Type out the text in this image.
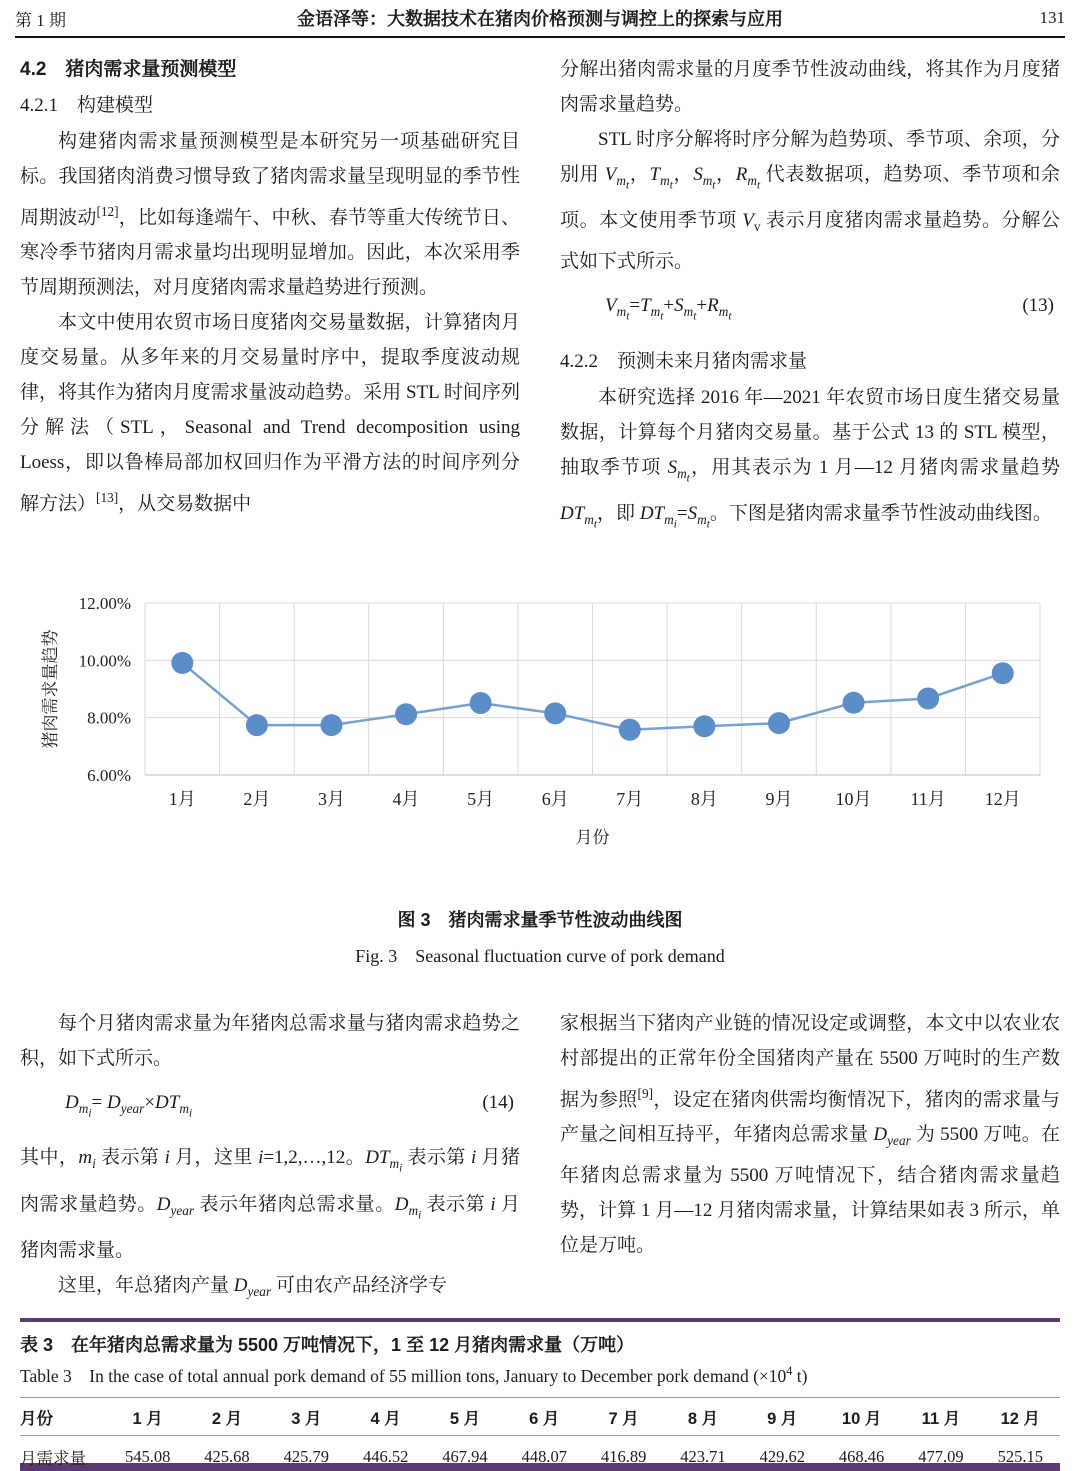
第 1 期	金语泽等：大数据技术在猪肉价格预测与调控上的探索与应用	131
4.2　猪肉需求量预测模型
4.2.1　构建模型

构建猪肉需求量预测模型是本研究另一项基础研究目标。我国猪肉消费习惯导致了猪肉需求量呈现明显的季节性周期波动[12]，比如每逢端午、中秋、春节等重大传统节日、寒冷季节猪肉月需求量均出现明显增加。因此，本次采用季节周期预测法，对月度猪肉需求量趋势进行预测。

本文中使用农贸市场日度猪肉交易量数据，计算猪肉月度交易量。从多年来的月交易量时序中，提取季度波动规律，将其作为猪肉月度需求量波动趋势。采用 STL 时间序列分解法（STL，Seasonal and Trend decomposition using Loess，即以鲁棒局部加权回归作为平滑方法的时间序列分解方法）[13]，从交易数据中

分解出猪肉需求量的月度季节性波动曲线，将其作为月度猪肉需求量趋势。

STL 时序分解将时序分解为趋势项、季节项、余项，分别用 $V_{m_t}$，$T_{m_t}$，$S_{m_t}$，$R_{m_t}$ 代表数据项，趋势项、季节项和余项。本文使用季节项 $V_v$ 表示月度猪肉需求量趋势。分解公式如下式所示。

$V_{m_t}=T_{m_t}+S_{m_t}+R_{m_t}$
(13)
4.2.2　预测未来月猪肉需求量

本研究选择 2016 年—2021 年农贸市场日度生猪交易量数据，计算每个月猪肉交易量。基于公式 13 的 STL 模型，抽取季节项 $S_{m_t}$，用其表示为 1 月—12 月猪肉需求量趋势 $DT_{m_t}$，即 $DT_{m_i}=S_{m_t}$。下图是猪肉需求量季节性波动曲线图。

6.00%
8.00%
10.00%
12.00%
1月	2月	3月	4月	5月	6月	7月	8月	9月 10月 11月 12月
猪肉需求量趋势
月份
图 3　猪肉需求量季节性波动曲线图
Fig. 3　Seasonal fluctuation curve of pork demand

每个月猪肉需求量为年猪肉总需求量与猪肉需求趋势之积，如下式所示。

$D_{m_i}= D_{year}\times DT_{m_i}$
(14)

其中，$m_i$ 表示第 i 月，这里 i=1,2,…,12。$DT_{m_i}$ 表示第 i 月猪肉需求量趋势。$D_{year}$ 表示年猪肉总需求量。$D_{m_i}$ 表示第 i 月猪肉需求量。

这里，年总猪肉产量 $D_{year}$ 可由农产品经济学专

家根据当下猪肉产业链的情况设定或调整，本文中以农业农村部提出的正常年份全国猪肉产量在 5500 万吨时的生产数据为参照[9]，设定在猪肉供需均衡情况下，猪肉的需求量与产量之间相互持平，年猪肉总需求量 $D_{year}$ 为 5500 万吨。在年猪肉总需求量为 5500 万吨情况下，结合猪肉需求量趋势，计算 1 月—12 月猪肉需求量，计算结果如表 3 所示，单位是万吨。

表 3　在年猪肉总需求量为 5500 万吨情况下，1 至 12 月猪肉需求量（万吨）

Table 3　In the case of total annual pork demand of 55 million tons, January to December pork demand ($\times 10^4$ t)

月份	1 月	2 月	3 月	4 月	5 月	6 月	7 月	8 月	9 月	10 月	11 月	12 月
月需求量	545.08	425.68	425.79	446.52	467.94	448.07	416.89	423.71	429.62	468.46	477.09	525.15
